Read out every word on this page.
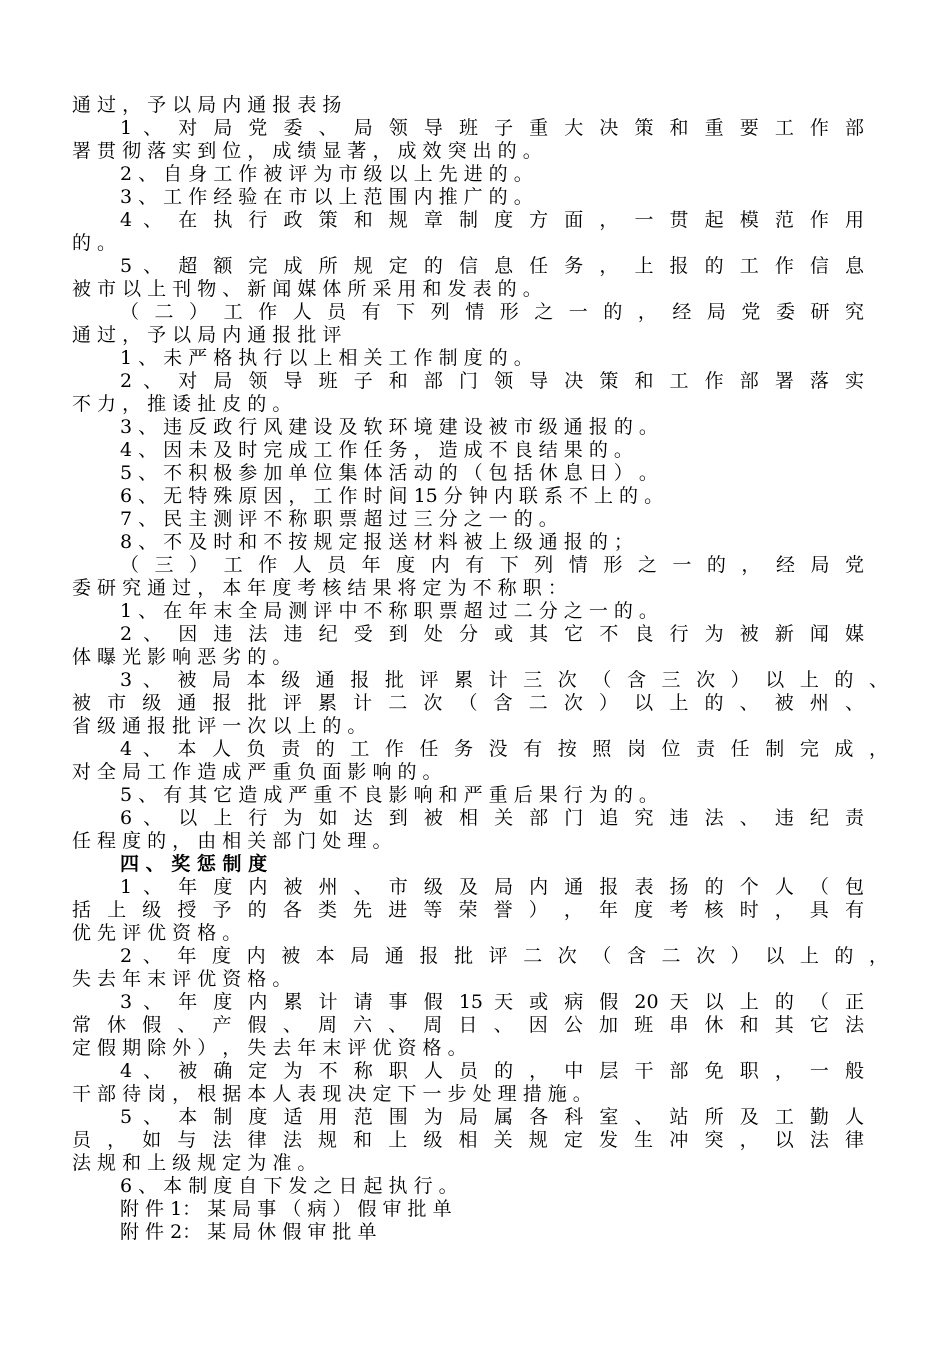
通 过 ， 予 以 局 内 通 报 表 扬
1 、 对 局 党 委 、 局 领 导 班 子 重 大 决 策 和 重 要 工 作 部
署 贯 彻 落 实 到 位 ， 成 绩 显 著 ， 成 效 突 出 的 。
2 、 自 身 工 作 被 评 为 市 级 以 上 先 进 的 。
3 、 工 作 经 验 在 市 以 上 范 围 内 推 广 的 。
4 、 在 执 行 政 策 和 规 章 制 度 方 面 ， 一 贯 起 模 范 作 用
的 。
5 、 超 额 完 成 所 规 定 的 信 息 任 务 ， 上 报 的 工 作 信 息
被 市 以 上 刊 物 、 新 闻 媒 体 所 采 用 和 发 表 的 。
（ 二 ） 工 作 人 员 有 下 列 情 形 之 一 的 ， 经 局 党 委 研 究
通 过 ， 予 以 局 内 通 报 批 评
1 、 未 严 格 执 行 以 上 相 关 工 作 制 度 的 。
2 、 对 局 领 导 班 子 和 部 门 领 导 决 策 和 工 作 部 署 落 实
不 力 ， 推 诿 扯 皮 的 。
3 、 违 反 政 行 风 建 设 及 软 环 境 建 设 被 市 级 通 报 的 。
4 、 因 未 及 时 完 成 工 作 任 务 ， 造 成 不 良 结 果 的 。
5 、 不 积 极 参 加 单 位 集 体 活 动 的 （ 包 括 休 息 日 ） 。
6 、 无 特 殊 原 因 ， 工 作 时 间 15 分 钟 内 联 系 不 上 的 。
7 、 民 主 测 评 不 称 职 票 超 过 三 分 之 一 的 。
8 、 不 及 时 和 不 按 规 定 报 送 材 料 被 上 级 通 报 的 ；
（ 三 ） 工 作 人 员 年 度 内 有 下 列 情 形 之 一 的 ， 经 局 党
委 研 究 通 过 ， 本 年 度 考 核 结 果 将 定 为 不 称 职 ：
1 、 在 年 末 全 局 测 评 中 不 称 职 票 超 过 二 分 之 一 的 。
2 、 因 违 法 违 纪 受 到 处 分 或 其 它 不 良 行 为 被 新 闻 媒
体 曝 光 影 响 恶 劣 的 。
3 、 被 局 本 级 通 报 批 评 累 计 三 次 （ 含 三 次 ） 以 上 的 、
被 市 级 通 报 批 评 累 计 二 次 （ 含 二 次 ） 以 上 的 、 被 州 、
省 级 通 报 批 评 一 次 以 上 的 。
4 、 本 人 负 责 的 工 作 任 务 没 有 按 照 岗 位 责 任 制 完 成 ，
对 全 局 工 作 造 成 严 重 负 面 影 响 的 。
5 、 有 其 它 造 成 严 重 不 良 影 响 和 严 重 后 果 行 为 的 。
6 、 以 上 行 为 如 达 到 被 相 关 部 门 追 究 违 法 、 违 纪 责
任 程 度 的 ， 由 相 关 部 门 处 理 。
四 、 奖 惩 制 度
1 、 年 度 内 被 州 、 市 级 及 局 内 通 报 表 扬 的 个 人 （ 包
括 上 级 授 予 的 各 类 先 进 等 荣 誉 ） ， 年 度 考 核 时 ， 具 有
优 先 评 优 资 格 。
2 、 年 度 内 被 本 局 通 报 批 评 二 次 （ 含 二 次 ） 以 上 的 ，
失 去 年 末 评 优 资 格 。
3 、 年 度 内 累 计 请 事 假 15 天 或 病 假 20 天 以 上 的 （ 正
常 休 假 、 产 假 、 周 六 、 周 日 、 因 公 加 班 串 休 和 其 它 法
定 假 期 除 外 ） ， 失 去 年 末 评 优 资 格 。
4 、 被 确 定 为 不 称 职 人 员 的 ， 中 层 干 部 免 职 ， 一 般
干 部 待 岗 ， 根 据 本 人 表 现 决 定 下 一 步 处 理 措 施 。
5 、 本 制 度 适 用 范 围 为 局 属 各 科 室 、 站 所 及 工 勤 人
员 ， 如 与 法 律 法 规 和 上 级 相 关 规 定 发 生 冲 突 ， 以 法 律
法 规 和 上 级 规 定 为 准 。
6 、 本 制 度 自 下 发 之 日 起 执 行 。
附 件 1： 某 局 事 （ 病 ） 假 审 批 单
附 件 2： 某 局 休 假 审 批 单
